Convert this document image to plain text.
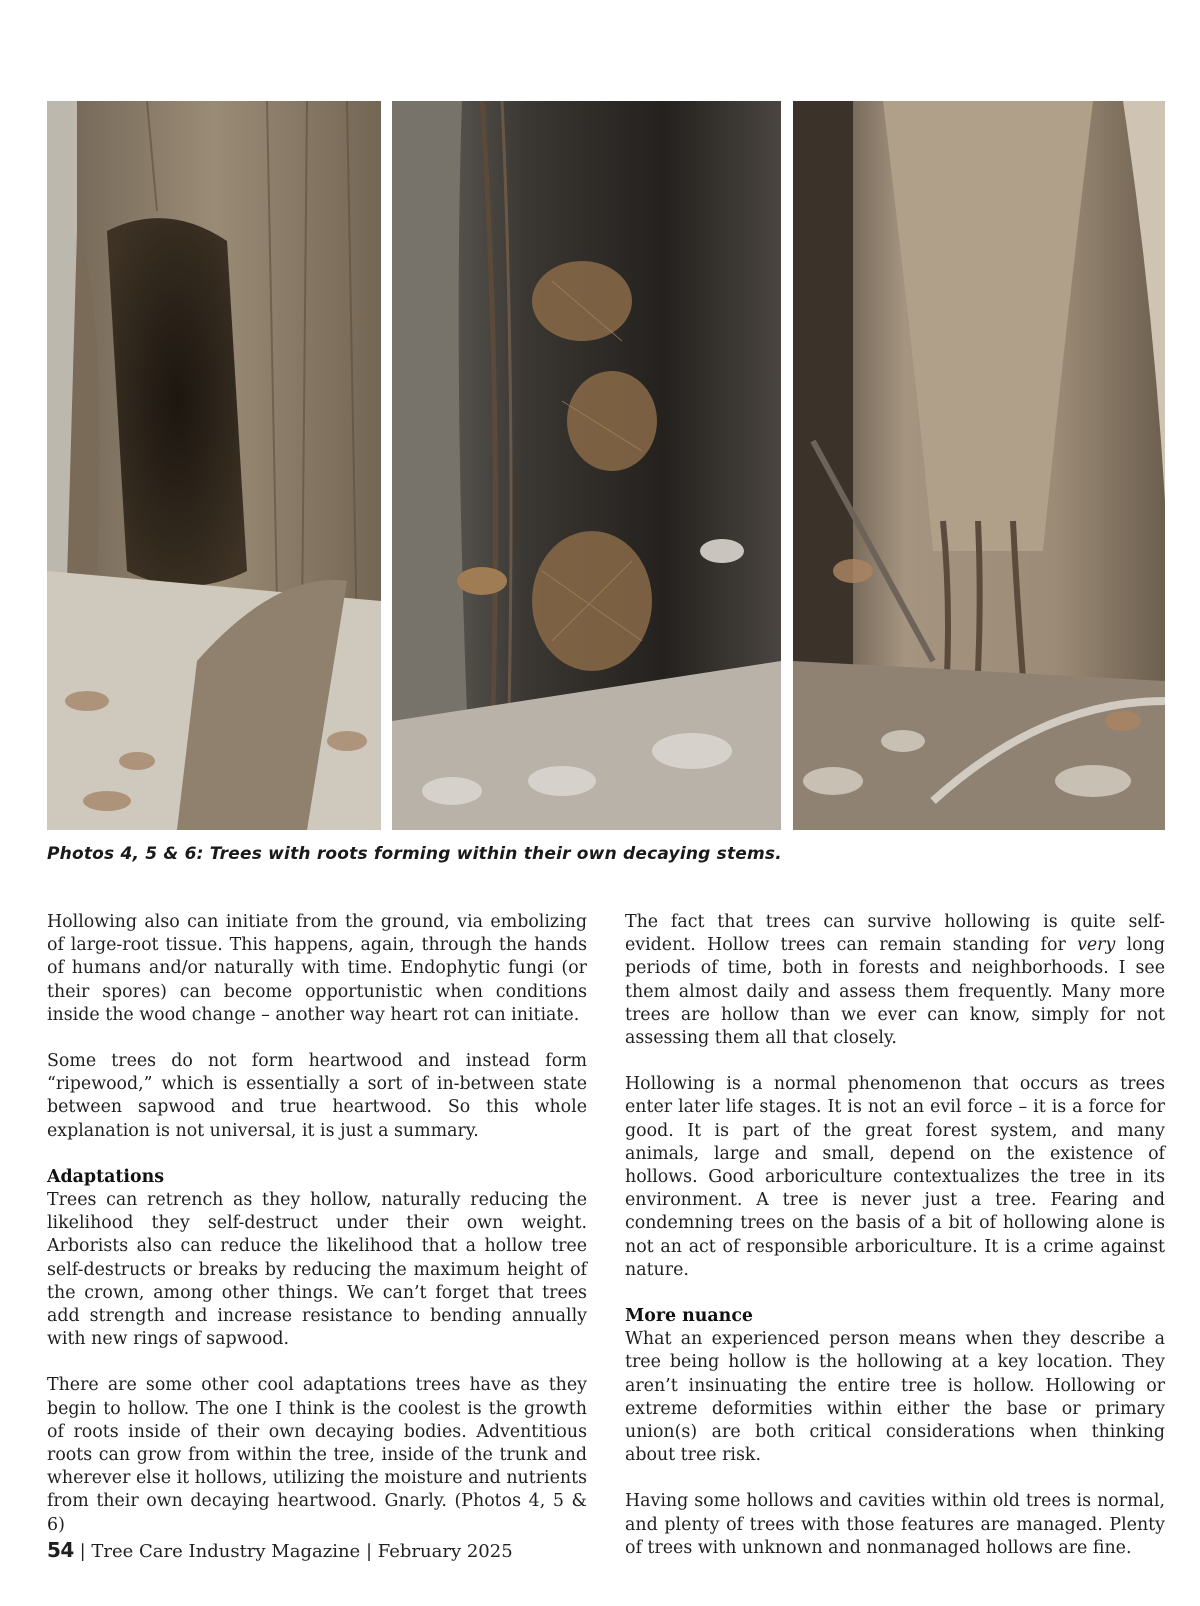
Photos 4, 5 & 6: Trees with roots forming within their own decaying stems.

Hollowing also can initiate from the ground, via embolizing of large-root tissue. This happens, again, through the hands of humans and/or naturally with time. Endophytic fungi (or their spores) can become opportunistic when conditions inside the wood change – another way heart rot can initiate.

Some trees do not form heartwood and instead form “ripewood,” which is essentially a sort of in-between state between sapwood and true heartwood. So this whole explanation is not universal, it is just a summary.

Adaptations

Trees can retrench as they hollow, naturally reducing the likelihood they self-destruct under their own weight. Arborists also can reduce the likelihood that a hollow tree self-destructs or breaks by reducing the maximum height of the crown, among other things. We can’t forget that trees add strength and increase resistance to bending annually with new rings of sapwood.

There are some other cool adaptations trees have as they begin to hollow. The one I think is the coolest is the growth of roots inside of their own decaying bodies. Adventitious roots can grow from within the tree, inside of the trunk and wherever else it hollows, utilizing the moisture and nutrients from their own decaying heartwood. Gnarly. (Photos 4, 5 & 6)

The fact that trees can survive hollowing is quite self-evident. Hollow trees can remain standing for very long periods of time, both in forests and neighborhoods. I see them almost daily and assess them frequently. Many more trees are hollow than we ever can know, simply for not assessing them all that closely.

Hollowing is a normal phenomenon that occurs as trees enter later life stages. It is not an evil force – it is a force for good. It is part of the great forest system, and many animals, large and small, depend on the existence of hollows. Good arboriculture contextualizes the tree in its environment. A tree is never just a tree. Fearing and condemning trees on the basis of a bit of hollowing alone is not an act of responsible arboriculture. It is a crime against nature.

More nuance

What an experienced person means when they describe a tree being hollow is the hollowing at a key location. They aren’t insinuating the entire tree is hollow. Hollowing or extreme deformities within either the base or primary union(s) are both critical considerations when thinking about tree risk.

Having some hollows and cavities within old trees is normal, and plenty of trees with those features are managed. Plenty of trees with unknown and nonmanaged hollows are fine.

54 | Tree Care Industry Magazine | February 2025
